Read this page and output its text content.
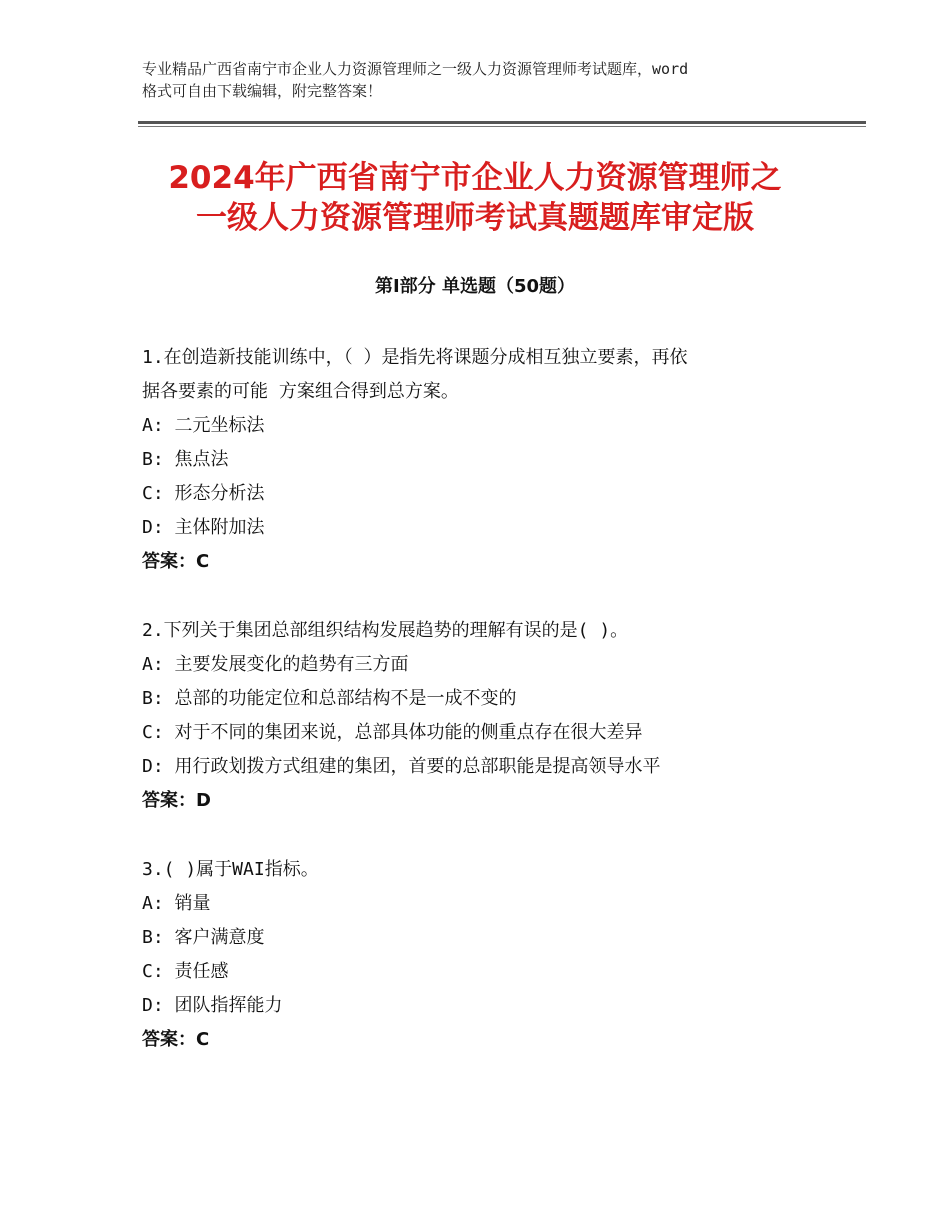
专业精品广西省南宁市企业人力资源管理师之一级人力资源管理师考试题库，word
格式可自由下载编辑，附完整答案！
2024年广西省南宁市企业人力资源管理师之
一级人力资源管理师考试真题题库审定版
第Ⅰ部分 单选题（50题）
1.在创造新技能训练中，（ ）是指先将课题分成相互独立要素，再依
据各要素的可能 方案组合得到总方案。
A: 二元坐标法
B: 焦点法
C: 形态分析法
D: 主体附加法
答案：C
2.下列关于集团总部组织结构发展趋势的理解有误的是( )。
A: 主要发展变化的趋势有三方面
B: 总部的功能定位和总部结构不是一成不变的
C: 对于不同的集团来说，总部具体功能的侧重点存在很大差异
D: 用行政划拨方式组建的集团，首要的总部职能是提高领导水平
答案：D
3.( )属于WAI指标。
A: 销量
B: 客户满意度
C: 责任感
D: 团队指挥能力
答案：C
